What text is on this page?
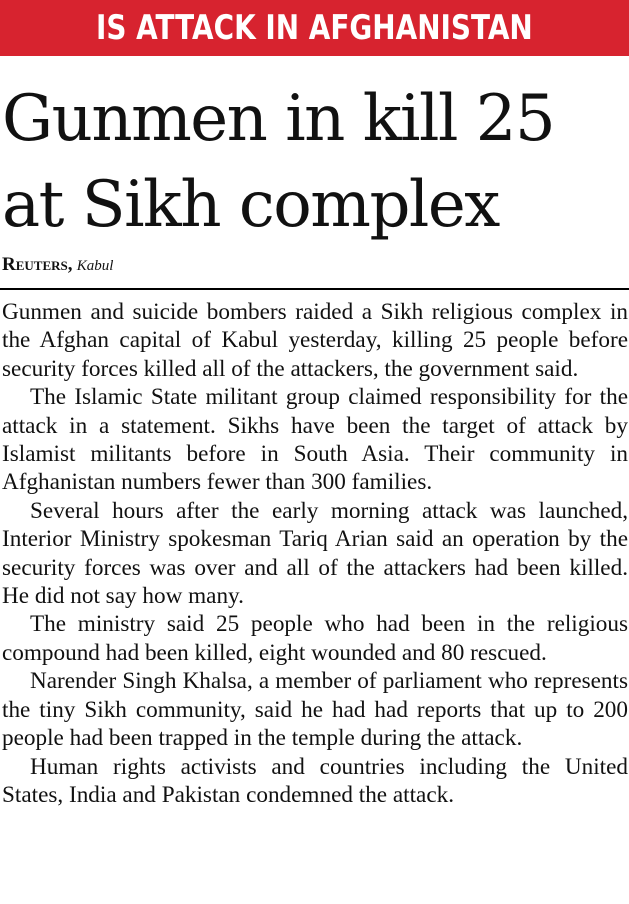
IS ATTACK IN AFGHANISTAN
Gunmen in kill 25
at Sikh complex
Reuters, Kabul

Gunmen and suicide bombers raided a Sikh religious complex in the Afghan capital of Kabul yesterday, killing 25 people before security forces killed all of the attackers, the government said.

The Islamic State militant group claimed responsibility for the attack in a statement. Sikhs have been the target of attack by Islamist militants before in South Asia. Their community in Afghanistan numbers fewer than 300 families.

Several hours after the early morning attack was launched, Interior Ministry spokesman Tariq Arian said an operation by the security forces was over and all of the attackers had been killed. He did not say how many.

The ministry said 25 people who had been in the religious compound had been killed, eight wounded and 80 rescued.

Narender Singh Khalsa, a member of parliament who represents the tiny Sikh community, said he had had reports that up to 200 people had been trapped in the temple during the attack.

Human rights activists and countries including the United States, India and Pakistan condemned the attack.
